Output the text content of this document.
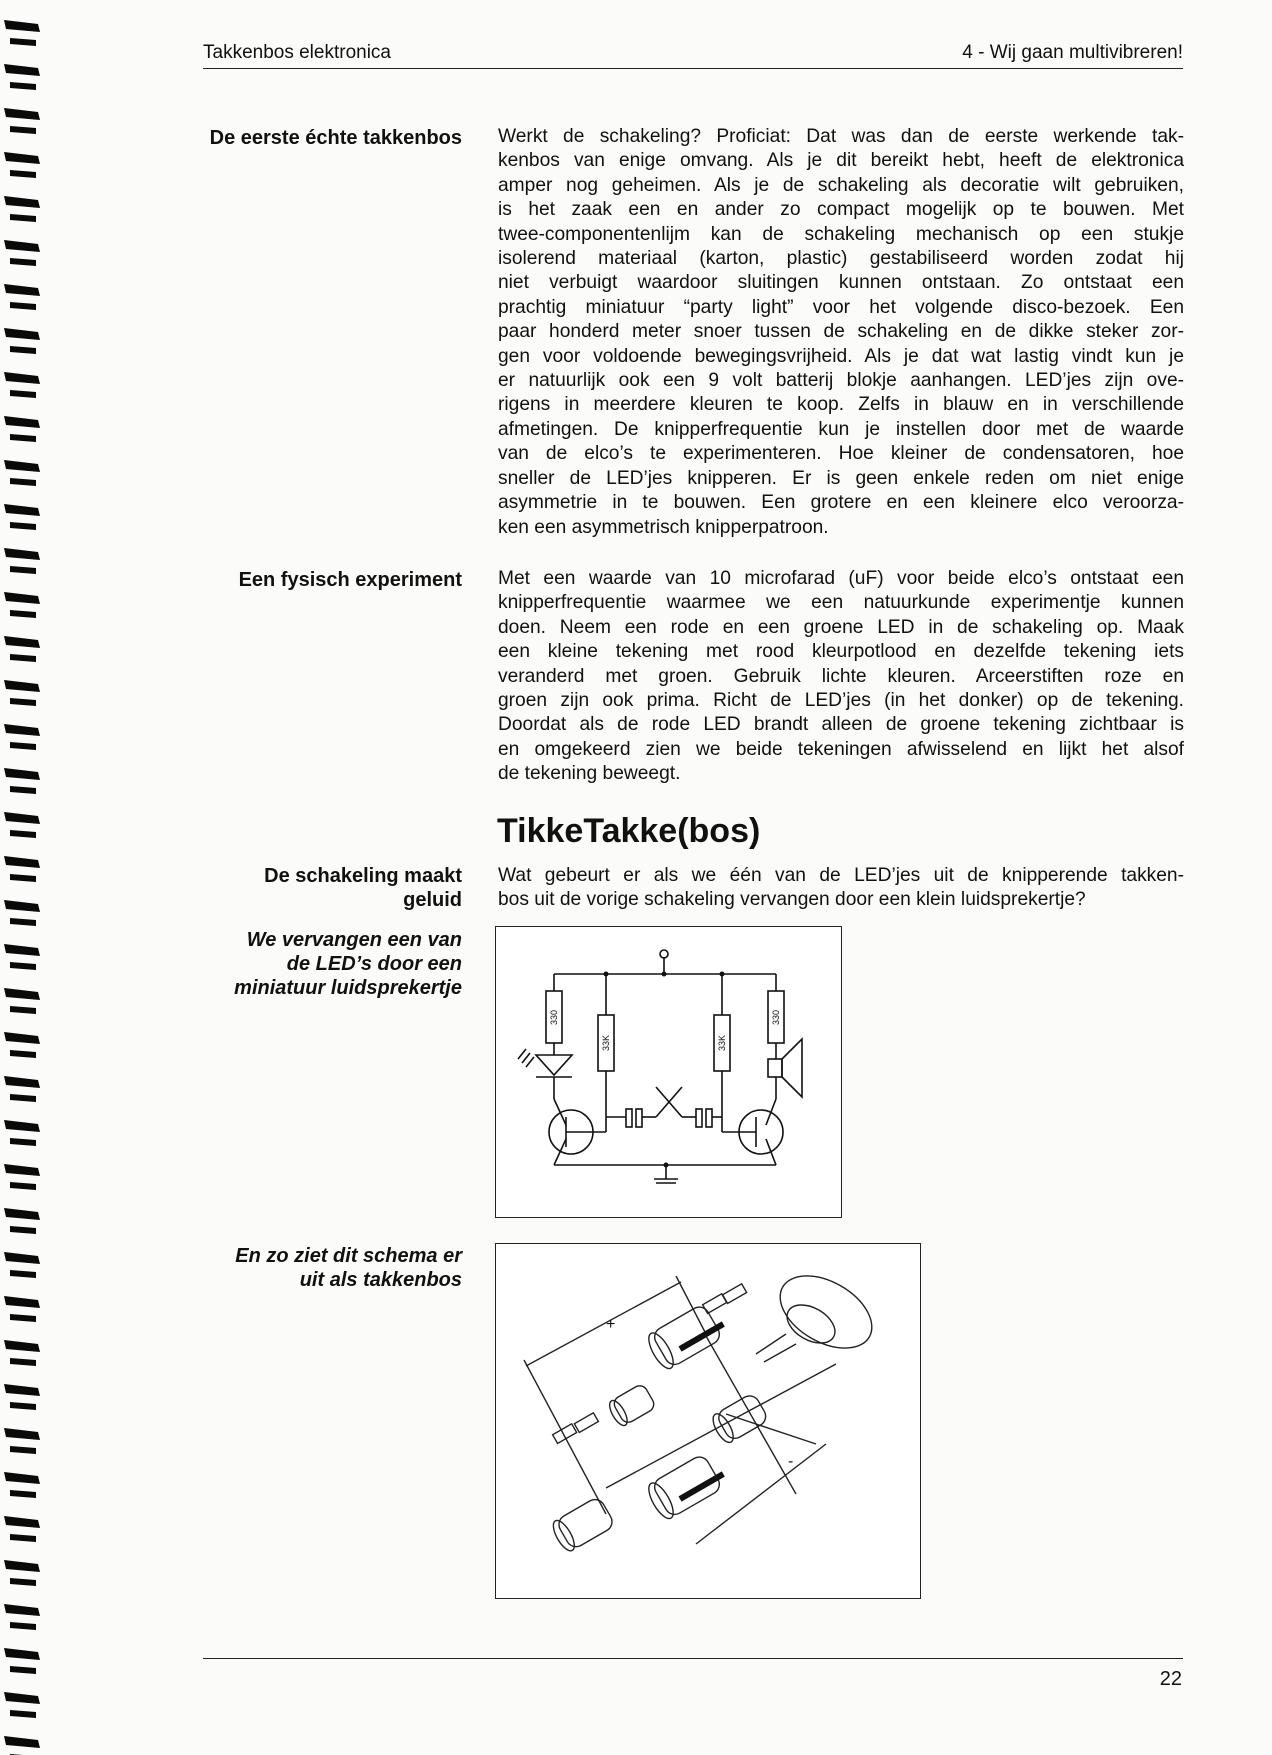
Takkenbos elektronica	4 - Wij gaan multivibreren!
De eerste échte takkenbos Werkt de schakeling? Proficiat: Dat was dan de eerste werkende tak-
kenbos van enige omvang. Als je dit bereikt hebt, heeft de elektronica
amper nog geheimen. Als je de schakeling als decoratie wilt gebruiken,
is het zaak een en ander zo compact mogelijk op te bouwen. Met
twee-componentenlijm kan de schakeling mechanisch op een stukje
isolerend materiaal (karton, plastic) gestabiliseerd worden zodat hij
niet verbuigt waardoor sluitingen kunnen ontstaan. Zo ontstaat een
prachtig miniatuur “party light” voor het volgende disco-bezoek. Een
paar honderd meter snoer tussen de schakeling en de dikke steker zor-
gen voor voldoende bewegingsvrijheid. Als je dat wat lastig vindt kun je
er natuurlijk ook een 9 volt batterij blokje aanhangen. LED’jes zijn ove-
rigens in meerdere kleuren te koop. Zelfs in blauw en in verschillende
afmetingen. De knipperfrequentie kun je instellen door met de waarde
van de elco’s te experimenteren. Hoe kleiner de condensatoren, hoe
sneller de LED’jes knipperen. Er is geen enkele reden om niet enige
asymmetrie in te bouwen. Een grotere en een kleinere elco veroorza-
ken een asymmetrisch knipperpatroon.
Een fysisch experiment Met een waarde van 10 microfarad (uF) voor beide elco’s ontstaat een
knipperfrequentie waarmee we een natuurkunde experimentje kunnen
doen. Neem een rode en een groene LED in de schakeling op. Maak
een kleine tekening met rood kleurpotlood en dezelfde tekening iets
veranderd met groen. Gebruik lichte kleuren. Arceerstiften roze en
groen zijn ook prima. Richt de LED’jes (in het donker) op de tekening.
Doordat als de rode LED brandt alleen de groene tekening zichtbaar is
en omgekeerd zien we beide tekeningen afwisselend en lijkt het alsof
de tekening beweegt.
TikkeTakke(bos)
De schakeling maakt
geluid
We vervangen een van
de LED’s door een
miniatuur luidsprekertje
Wat gebeurt er als we één van de LED’jes uit de knipperende takken-
bos uit de vorige schakeling vervangen door een klein luidsprekertje?
330
33K	33K
330
En zo ziet dit schema er
uit als takkenbos
+
-
22
